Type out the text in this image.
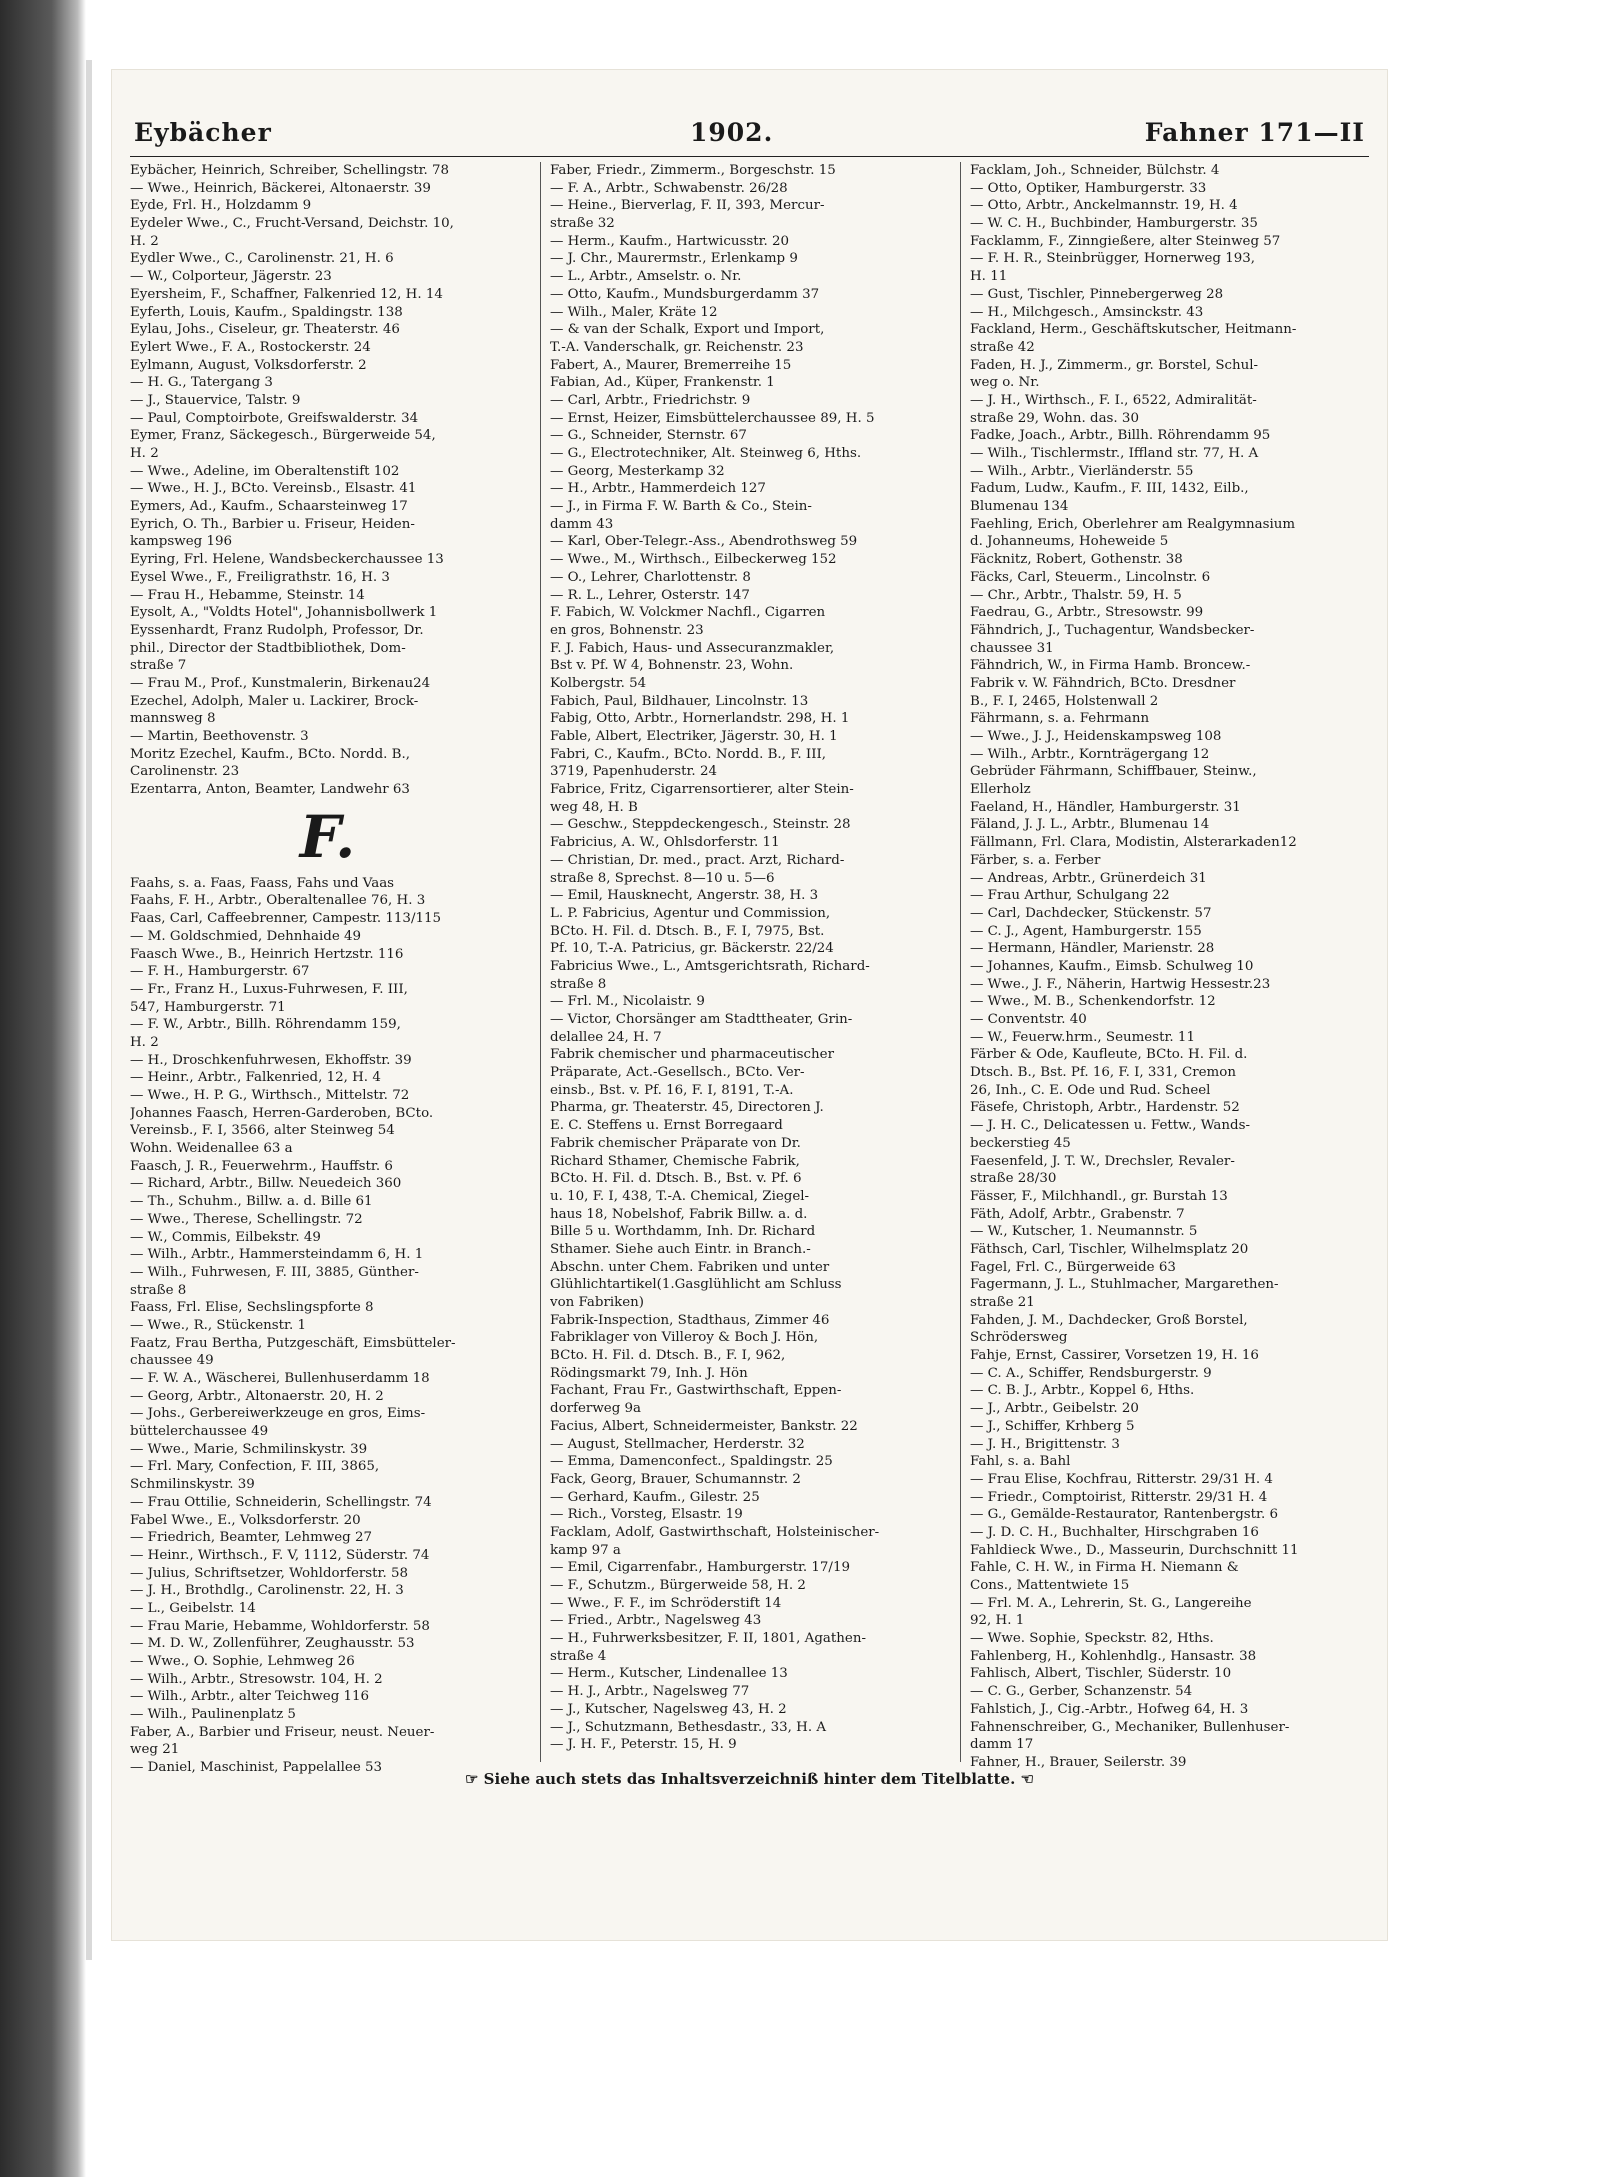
Eybächer	1902.	Fahner 171—II
Eybächer, Heinrich, Schreiber, Schellingstr. 78
— Wwe., Heinrich, Bäckerei, Altonaerstr. 39
Eyde, Frl. H., Holzdamm 9
Eydeler Wwe., C., Frucht-Versand, Deichstr. 10,
H. 2
Eydler Wwe., C., Carolinenstr. 21, H. 6
— W., Colporteur, Jägerstr. 23
Eyersheim, F., Schaffner, Falkenried 12, H. 14
Eyferth, Louis, Kaufm., Spaldingstr. 138
Eylau, Johs., Ciseleur, gr. Theaterstr. 46
Eylert Wwe., F. A., Rostockerstr. 24
Eylmann, August, Volksdorferstr. 2
— H. G., Tatergang 3
— J., Stauervice, Talstr. 9
— Paul, Comptoirbote, Greifswalderstr. 34
Eymer, Franz, Säckegesch., Bürgerweide 54,
H. 2
— Wwe., Adeline, im Oberaltenstift 102
— Wwe., H. J., BCto. Vereinsb., Elsastr. 41
Eymers, Ad., Kaufm., Schaarsteinweg 17
Eyrich, O. Th., Barbier u. Friseur, Heiden-
kampsweg 196
Eyring, Frl. Helene, Wandsbeckerchaussee 13
Eysel Wwe., F., Freiligrathstr. 16, H. 3
— Frau H., Hebamme, Steinstr. 14
Eysolt, A., "Voldts Hotel", Johannisbollwerk 1
Eyssenhardt, Franz Rudolph, Professor, Dr.
phil., Director der Stadtbibliothek, Dom-
straße 7
— Frau M., Prof., Kunstmalerin, Birkenau24
Ezechel, Adolph, Maler u. Lackirer, Brock-
mannsweg 8
— Martin, Beethovenstr. 3
Moritz Ezechel, Kaufm., BCto. Nordd. B.,
Carolinenstr. 23
Ezentarra, Anton, Beamter, Landwehr 63
F.
Faahs, s. a. Faas, Faass, Fahs und Vaas
Faahs, F. H., Arbtr., Oberaltenallee 76, H. 3
Faas, Carl, Caffeebrenner, Campestr. 113/115
— M. Goldschmied, Dehnhaide 49
Faasch Wwe., B., Heinrich Hertzstr. 116
— F. H., Hamburgerstr. 67
— Fr., Franz H., Luxus-Fuhrwesen, F. III,
547, Hamburgerstr. 71
— F. W., Arbtr., Billh. Röhrendamm 159,
H. 2
— H., Droschkenfuhrwesen, Ekhoffstr. 39
— Heinr., Arbtr., Falkenried, 12, H. 4
— Wwe., H. P. G., Wirthsch., Mittelstr. 72
Johannes Faasch, Herren-Garderoben, BCto.
Vereinsb., F. I, 3566, alter Steinweg 54
Wohn. Weidenallee 63 a
Faasch, J. R., Feuerwehrm., Hauffstr. 6
— Richard, Arbtr., Billw. Neuedeich 360
— Th., Schuhm., Billw. a. d. Bille 61
— Wwe., Therese, Schellingstr. 72
— W., Commis, Eilbekstr. 49
— Wilh., Arbtr., Hammersteindamm 6, H. 1
— Wilh., Fuhrwesen, F. III, 3885, Günther-
straße 8
Faass, Frl. Elise, Sechslingspforte 8
— Wwe., R., Stückenstr. 1
Faatz, Frau Bertha, Putzgeschäft, Eimsbütteler-
chaussee 49
— F. W. A., Wäscherei, Bullenhuserdamm 18
— Georg, Arbtr., Altonaerstr. 20, H. 2
— Johs., Gerbereiwerkzeuge en gros, Eims-
büttelerchaussee 49
— Wwe., Marie, Schmilinskystr. 39
— Frl. Mary, Confection, F. III, 3865,
Schmilinskystr. 39
— Frau Ottilie, Schneiderin, Schellingstr. 74
Fabel Wwe., E., Volksdorferstr. 20
— Friedrich, Beamter, Lehmweg 27
— Heinr., Wirthsch., F. V, 1112, Süderstr. 74
— Julius, Schriftsetzer, Wohldorferstr. 58
— J. H., Brothdlg., Carolinenstr. 22, H. 3
— L., Geibelstr. 14
— Frau Marie, Hebamme, Wohldorferstr. 58
— M. D. W., Zollenführer, Zeughausstr. 53
— Wwe., O. Sophie, Lehmweg 26
— Wilh., Arbtr., Stresowstr. 104, H. 2
— Wilh., Arbtr., alter Teichweg 116
— Wilh., Paulinenplatz 5
Faber, A., Barbier und Friseur, neust. Neuer-
weg 21
— Daniel, Maschinist, Pappelallee 53
Faber, Friedr., Zimmerm., Borgeschstr. 15
— F. A., Arbtr., Schwabenstr. 26/28
— Heine., Bierverlag, F. II, 393, Mercur-
straße 32
— Herm., Kaufm., Hartwicusstr. 20
— J. Chr., Maurermstr., Erlenkamp 9
— L., Arbtr., Amselstr. o. Nr.
— Otto, Kaufm., Mundsburgerdamm 37
— Wilh., Maler, Kräte 12
— & van der Schalk, Export und Import,
T.-A. Vanderschalk, gr. Reichenstr. 23
Fabert, A., Maurer, Bremerreihe 15
Fabian, Ad., Küper, Frankenstr. 1
— Carl, Arbtr., Friedrichstr. 9
— Ernst, Heizer, Eimsbüttelerchaussee 89, H. 5
— G., Schneider, Sternstr. 67
— G., Electrotechniker, Alt. Steinweg 6, Hths.
— Georg, Mesterkamp 32
— H., Arbtr., Hammerdeich 127
— J., in Firma F. W. Barth & Co., Stein-
damm 43
— Karl, Ober-Telegr.-Ass., Abendrothsweg 59
— Wwe., M., Wirthsch., Eilbeckerweg 152
— O., Lehrer, Charlottenstr. 8
— R. L., Lehrer, Osterstr. 147
F. Fabich, W. Volckmer Nachfl., Cigarren
en gros, Bohnenstr. 23
F. J. Fabich, Haus- und Assecuranzmakler,
Bst v. Pf. W 4, Bohnenstr. 23, Wohn.
Kolbergstr. 54
Fabich, Paul, Bildhauer, Lincolnstr. 13
Fabig, Otto, Arbtr., Hornerlandstr. 298, H. 1
Fable, Albert, Electriker, Jägerstr. 30, H. 1
Fabri, C., Kaufm., BCto. Nordd. B., F. III,
3719, Papenhuderstr. 24
Fabrice, Fritz, Cigarrensortierer, alter Stein-
weg 48, H. B
— Geschw., Steppdeckengesch., Steinstr. 28
Fabricius, A. W., Ohlsdorferstr. 11
— Christian, Dr. med., pract. Arzt, Richard-
straße 8, Sprechst. 8—10 u. 5—6
— Emil, Hausknecht, Angerstr. 38, H. 3
L. P. Fabricius, Agentur und Commission,
BCto. H. Fil. d. Dtsch. B., F. I, 7975, Bst.
Pf. 10, T.-A. Patricius, gr. Bäckerstr. 22/24
Fabricius Wwe., L., Amtsgerichtsrath, Richard-
straße 8
— Frl. M., Nicolaistr. 9
— Victor, Chorsänger am Stadttheater, Grin-
delallee 24, H. 7
Fabrik chemischer und pharmaceutischer
Präparate, Act.-Gesellsch., BCto. Ver-
einsb., Bst. v. Pf. 16, F. I, 8191, T.-A.
Pharma, gr. Theaterstr. 45, Directoren J.
E. C. Steffens u. Ernst Borregaard
Fabrik chemischer Präparate von Dr.
Richard Sthamer, Chemische Fabrik,
BCto. H. Fil. d. Dtsch. B., Bst. v. Pf. 6
u. 10, F. I, 438, T.-A. Chemical, Ziegel-
haus 18, Nobelshof, Fabrik Billw. a. d.
Bille 5 u. Worthdamm, Inh. Dr. Richard
Sthamer. Siehe auch Eintr. in Branch.-
Abschn. unter Chem. Fabriken und unter
Glühlichtartikel(1.Gasglühlicht am Schluss
von Fabriken)
Fabrik-Inspection, Stadthaus, Zimmer 46
Fabriklager von Villeroy & Boch J. Hön,
BCto. H. Fil. d. Dtsch. B., F. I, 962,
Rödingsmarkt 79, Inh. J. Hön
Fachant, Frau Fr., Gastwirthschaft, Eppen-
dorferweg 9a
Facius, Albert, Schneidermeister, Bankstr. 22
— August, Stellmacher, Herderstr. 32
— Emma, Damenconfect., Spaldingstr. 25
Fack, Georg, Brauer, Schumannstr. 2
— Gerhard, Kaufm., Gilestr. 25
— Rich., Vorsteg, Elsastr. 19
Facklam, Adolf, Gastwirthschaft, Holsteinischer-
kamp 97 a
— Emil, Cigarrenfabr., Hamburgerstr. 17/19
— F., Schutzm., Bürgerweide 58, H. 2
— Wwe., F. F., im Schröderstift 14
— Fried., Arbtr., Nagelsweg 43
— H., Fuhrwerksbesitzer, F. II, 1801, Agathen-
straße 4
— Herm., Kutscher, Lindenallee 13
— H. J., Arbtr., Nagelsweg 77
— J., Kutscher, Nagelsweg 43, H. 2
— J., Schutzmann, Bethesdastr., 33, H. A
— J. H. F., Peterstr. 15, H. 9
Facklam, Joh., Schneider, Bülchstr. 4
— Otto, Optiker, Hamburgerstr. 33
— Otto, Arbtr., Anckelmannstr. 19, H. 4
— W. C. H., Buchbinder, Hamburgerstr. 35
Facklamm, F., Zinngießere, alter Steinweg 57
— F. H. R., Steinbrügger, Hornerweg 193,
H. 11
— Gust, Tischler, Pinnebergerweg 28
— H., Milchgesch., Amsinckstr. 43
Fackland, Herm., Geschäftskutscher, Heitmann-
straße 42
Faden, H. J., Zimmerm., gr. Borstel, Schul-
weg o. Nr.
— J. H., Wirthsch., F. I., 6522, Admiralität-
straße 29, Wohn. das. 30
Fadke, Joach., Arbtr., Billh. Röhrendamm 95
— Wilh., Tischlermstr., Iffland str. 77, H. A
— Wilh., Arbtr., Vierländerstr. 55
Fadum, Ludw., Kaufm., F. III, 1432, Eilb.,
Blumenau 134
Faehling, Erich, Oberlehrer am Realgymnasium
d. Johanneums, Hoheweide 5
Fäcknitz, Robert, Gothenstr. 38
Fäcks, Carl, Steuerm., Lincolnstr. 6
— Chr., Arbtr., Thalstr. 59, H. 5
Faedrau, G., Arbtr., Stresowstr. 99
Fähndrich, J., Tuchagentur, Wandsbecker-
chaussee 31
Fähndrich, W., in Firma Hamb. Broncew.-
Fabrik v. W. Fähndrich, BCto. Dresdner
B., F. I, 2465, Holstenwall 2
Fährmann, s. a. Fehrmann
— Wwe., J. J., Heidenskampsweg 108
— Wilh., Arbtr., Kornträgergang 12
Gebrüder Fährmann, Schiffbauer, Steinw.,
Ellerholz
Faeland, H., Händler, Hamburgerstr. 31
Fäland, J. J. L., Arbtr., Blumenau 14
Fällmann, Frl. Clara, Modistin, Alsterarkaden12
Färber, s. a. Ferber
— Andreas, Arbtr., Grünerdeich 31
— Frau Arthur, Schulgang 22
— Carl, Dachdecker, Stückenstr. 57
— C. J., Agent, Hamburgerstr. 155
— Hermann, Händler, Marienstr. 28
— Johannes, Kaufm., Eimsb. Schulweg 10
— Wwe., J. F., Näherin, Hartwig Hessestr.23
— Wwe., M. B., Schenkendorfstr. 12
— Conventstr. 40
— W., Feuerw.hrm., Seumestr. 11
Färber & Ode, Kaufleute, BCto. H. Fil. d.
Dtsch. B., Bst. Pf. 16, F. I, 331, Cremon
26, Inh., C. E. Ode und Rud. Scheel
Fäsefe, Christoph, Arbtr., Hardenstr. 52
— J. H. C., Delicatessen u. Fettw., Wands-
beckerstieg 45
Faesenfeld, J. T. W., Drechsler, Revaler-
straße 28/30
Fässer, F., Milchhandl., gr. Burstah 13
Fäth, Adolf, Arbtr., Grabenstr. 7
— W., Kutscher, 1. Neumannstr. 5
Fäthsch, Carl, Tischler, Wilhelmsplatz 20
Fagel, Frl. C., Bürgerweide 63
Fagermann, J. L., Stuhlmacher, Margarethen-
straße 21
Fahden, J. M., Dachdecker, Groß Borstel,
Schrödersweg
Fahje, Ernst, Cassirer, Vorsetzen 19, H. 16
— C. A., Schiffer, Rendsburgerstr. 9
— C. B. J., Arbtr., Koppel 6, Hths.
— J., Arbtr., Geibelstr. 20
— J., Schiffer, Krhberg 5
— J. H., Brigittenstr. 3
Fahl, s. a. Bahl
— Frau Elise, Kochfrau, Ritterstr. 29/31 H. 4
— Friedr., Comptoirist, Ritterstr. 29/31 H. 4
— G., Gemälde-Restaurator, Rantenbergstr. 6
— J. D. C. H., Buchhalter, Hirschgraben 16
Fahldieck Wwe., D., Masseurin, Durchschnitt 11
Fahle, C. H. W., in Firma H. Niemann &
Cons., Mattentwiete 15
— Frl. M. A., Lehrerin, St. G., Langereihe
92, H. 1
— Wwe. Sophie, Speckstr. 82, Hths.
Fahlenberg, H., Kohlenhdlg., Hansastr. 38
Fahlisch, Albert, Tischler, Süderstr. 10
— C. G., Gerber, Schanzenstr. 54
Fahlstich, J., Cig.-Arbtr., Hofweg 64, H. 3
Fahnenschreiber, G., Mechaniker, Bullenhuser-
damm 17
Fahner, H., Brauer, Seilerstr. 39
☞ Siehe auch stets das Inhaltsverzeichniß hinter dem Titelblatte. ☜
